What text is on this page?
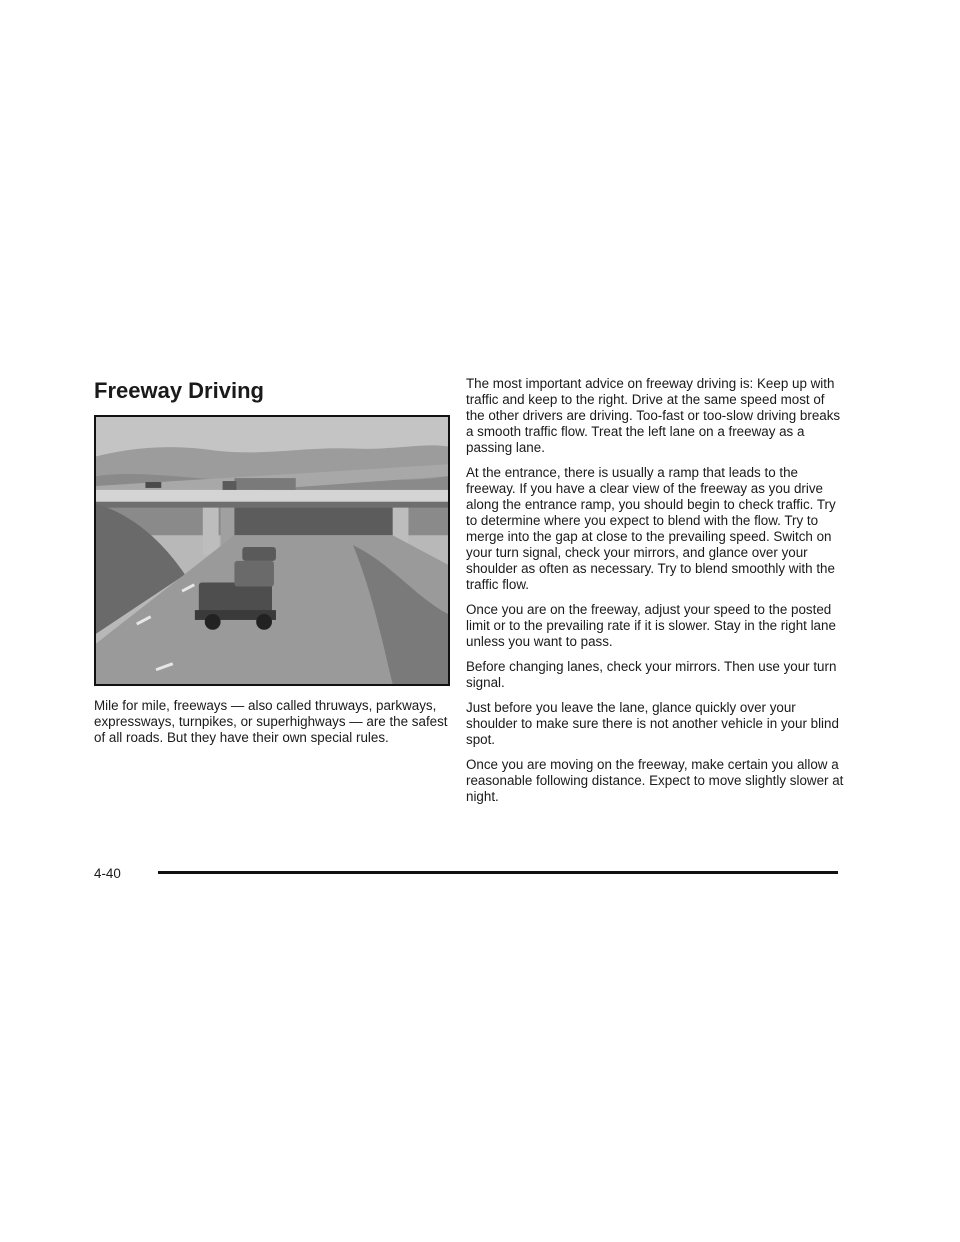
Freeway Driving

Mile for mile, freeways — also called thruways, parkways, expressways, turnpikes, or superhighways — are the safest of all roads. But they have their own special rules.

The most important advice on freeway driving is: Keep up with traffic and keep to the right. Drive at the same speed most of the other drivers are driving. Too-fast or too-slow driving breaks a smooth traffic flow. Treat the left lane on a freeway as a passing lane.

At the entrance, there is usually a ramp that leads to the freeway. If you have a clear view of the freeway as you drive along the entrance ramp, you should begin to check traffic. Try to determine where you expect to blend with the flow. Try to merge into the gap at close to the prevailing speed. Switch on your turn signal, check your mirrors, and glance over your shoulder as often as necessary. Try to blend smoothly with the traffic flow.

Once you are on the freeway, adjust your speed to the posted limit or to the prevailing rate if it is slower. Stay in the right lane unless you want to pass.

Before changing lanes, check your mirrors. Then use your turn signal.

Just before you leave the lane, glance quickly over your shoulder to make sure there is not another vehicle in your blind spot.

Once you are moving on the freeway, make certain you allow a reasonable following distance. Expect to move slightly slower at night.

4-40
